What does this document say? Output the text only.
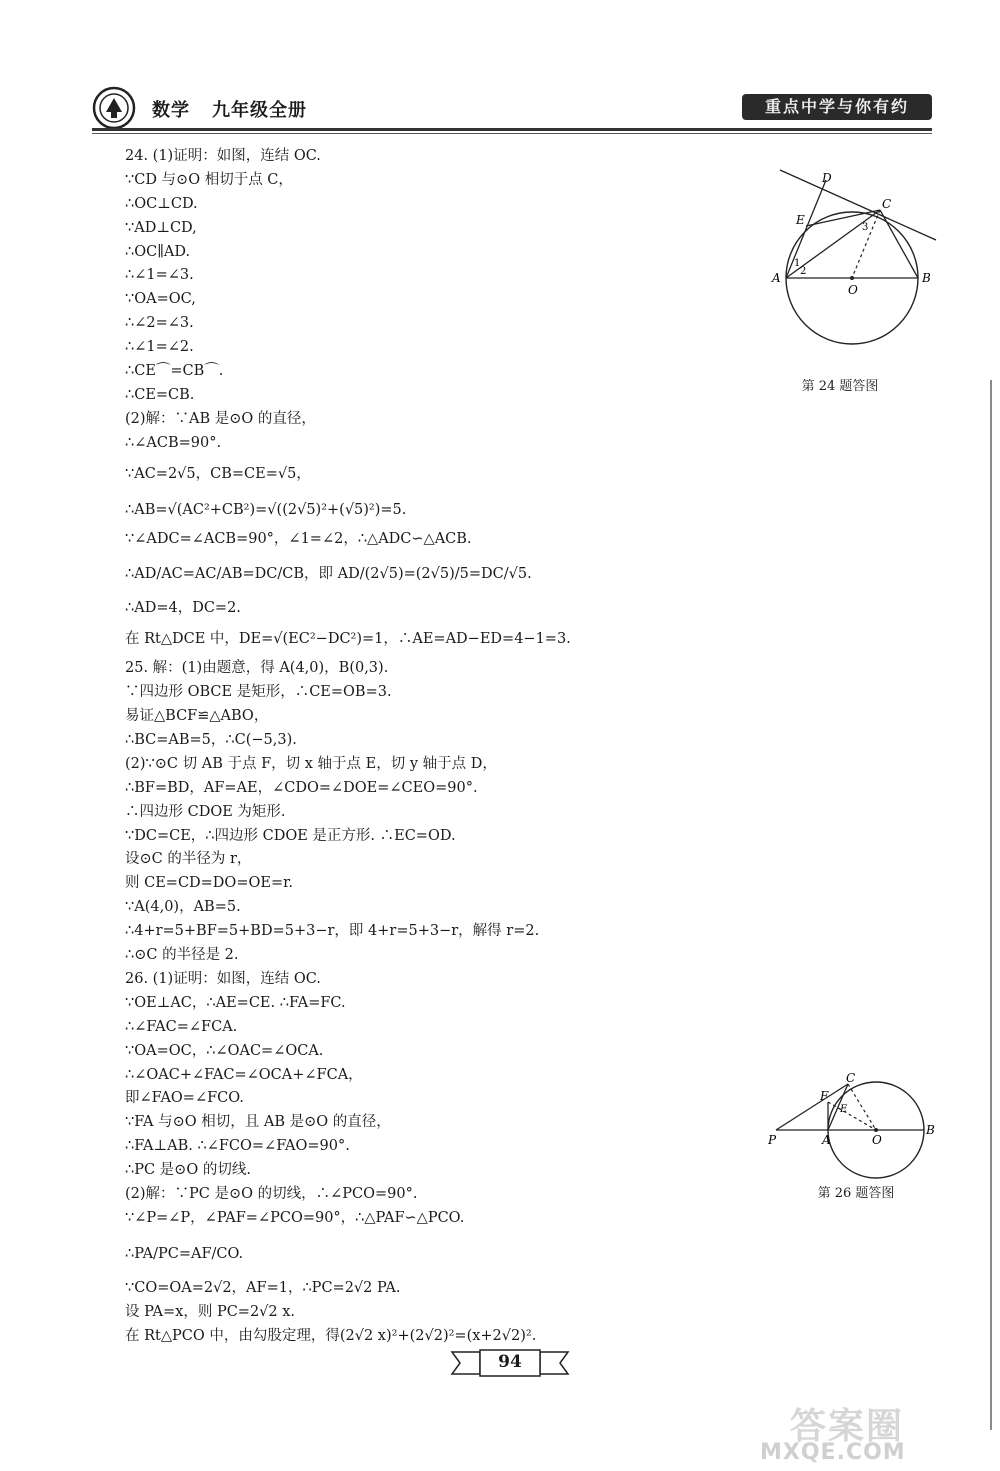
数学 九年级全册	重点中学与你有约
24. (1)证明：如图，连结 OC.
∵CD 与⊙O 相切于点 C，
∴OC⊥CD.
∵AD⊥CD,
∴OC∥AD.
∴∠1=∠3.
∵OA=OC,
∴∠2=∠3.
∴∠1=∠2.
∴CE⌒=CB⌒.
∴CE=CB.
(2)解：∵AB 是⊙O 的直径，
∴∠ACB=90°.
∵AC=2√5，CB=CE=√5，
∴AB=√(AC²+CB²)=√((2√5)²+(√5)²)=5.
∵∠ADC=∠ACB=90°，∠1=∠2，∴△ADC∽△ACB.
∴AD/AC=AC/AB=DC/CB，即 AD/(2√5)=(2√5)/5=DC/√5.
∴AD=4，DC=2.
在 Rt△DCE 中，DE=√(EC²−DC²)=1，∴AE=AD−ED=4−1=3.
25. 解：(1)由题意，得 A(4,0)，B(0,3).
∵四边形 OBCE 是矩形，∴CE=OB=3.
易证△BCF≌△ABO，
∴BC=AB=5，∴C(−5,3).
(2)∵⊙C 切 AB 于点 F，切 x 轴于点 E，切 y 轴于点 D，
∴BF=BD，AF=AE，∠CDO=∠DOE=∠CEO=90°.
∴四边形 CDOE 为矩形.
∵DC=CE，∴四边形 CDOE 是正方形. ∴EC=OD.
设⊙C 的半径为 r，
则 CE=CD=DO=OE=r.
∵A(4,0)，AB=5.
∴4+r=5+BF=5+BD=5+3−r，即 4+r=5+3−r，解得 r=2.
∴⊙C 的半径是 2.
26. (1)证明：如图，连结 OC.
∵OE⊥AC，∴AE=CE. ∴FA=FC.
∴∠FAC=∠FCA.
∵OA=OC，∴∠OAC=∠OCA.
∴∠OAC+∠FAC=∠OCA+∠FCA，
即∠FAO=∠FCO.
∵FA 与⊙O 相切，且 AB 是⊙O 的直径，
∴FA⊥AB. ∴∠FCO=∠FAO=90°.
∴PC 是⊙O 的切线.
(2)解：∵PC 是⊙O 的切线，∴∠PCO=90°.
∵∠P=∠P，∠PAF=∠PCO=90°，∴△PAF∽△PCO.
∴PA/PC=AF/CO.
∵CO=OA=2√2，AF=1，∴PC=2√2 PA.
设 PA=x，则 PC=2√2 x.
在 Rt△PCO 中，由勾股定理，得(2√2 x)²+(2√2)²=(x+2√2)².
D
C
E
A
O
B
3
1
2
第 24 题答图
C
F
P	A	O
B
E
第 26 题答图
94
答案圈
MXQE.COM
